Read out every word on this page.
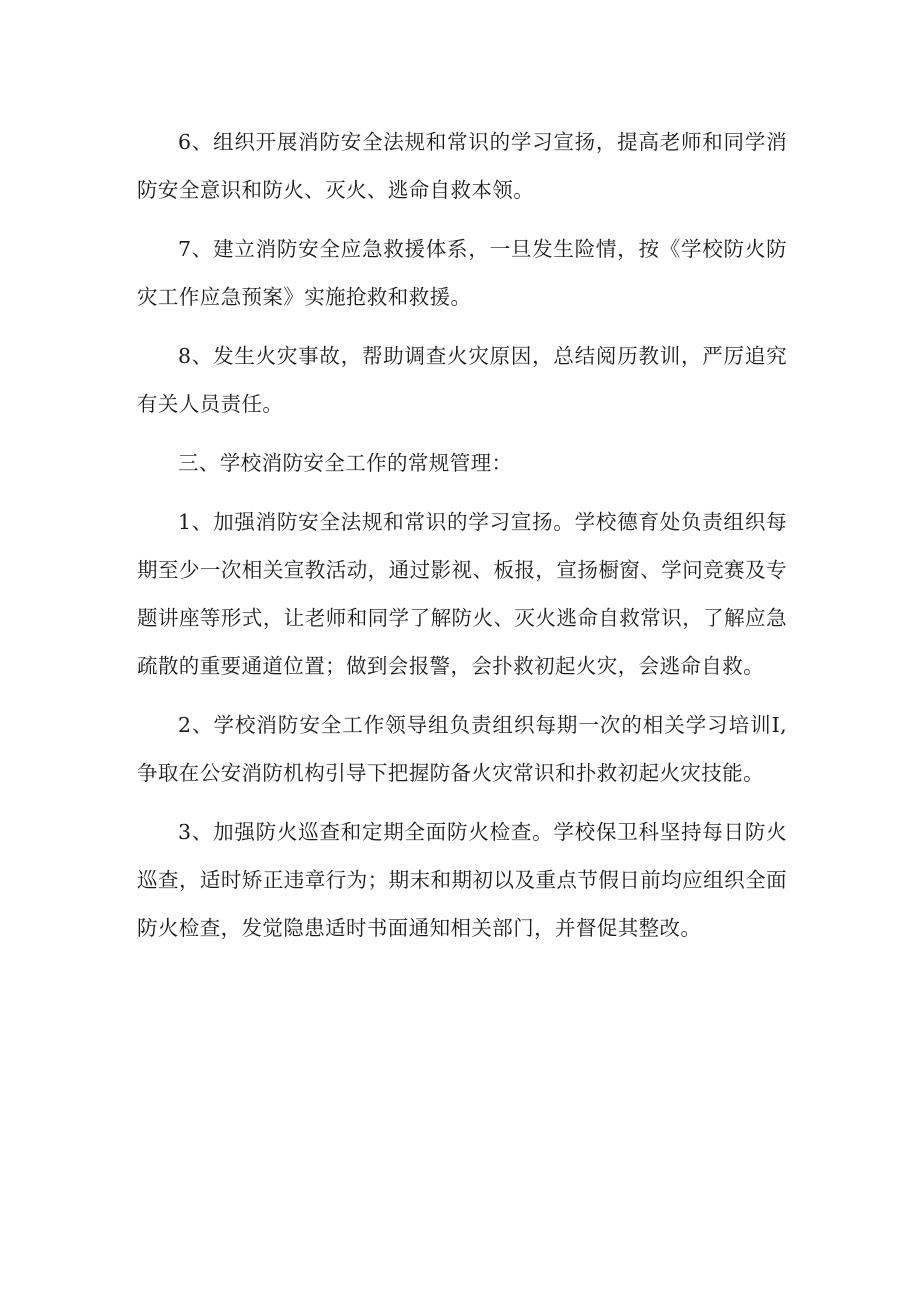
6、组织开展消防安全法规和常识的学习宣扬，提高老师和同学消防安全意识和防火、灭火、逃命自救本领。

7、建立消防安全应急救援体系，一旦发生险情，按《学校防火防灾工作应急预案》实施抢救和救援。

8、发生火灾事故，帮助调查火灾原因，总结阅历教训，严厉追究有关人员责任。

三、学校消防安全工作的常规管理：

1、加强消防安全法规和常识的学习宣扬。学校德育处负责组织每期至少一次相关宣教活动，通过影视、板报，宣扬橱窗、学问竞赛及专题讲座等形式，让老师和同学了解防火、灭火逃命自救常识，了解应急疏散的重要通道位置；做到会报警，会扑救初起火灾，会逃命自救。

2、学校消防安全工作领导组负责组织每期一次的相关学习培训I,争取在公安消防机构引导下把握防备火灾常识和扑救初起火灾技能。

3、加强防火巡查和定期全面防火检查。学校保卫科坚持每日防火巡查，适时矫正违章行为；期末和期初以及重点节假日前均应组织全面防火检查，发觉隐患适时书面通知相关部门，并督促其整改。
